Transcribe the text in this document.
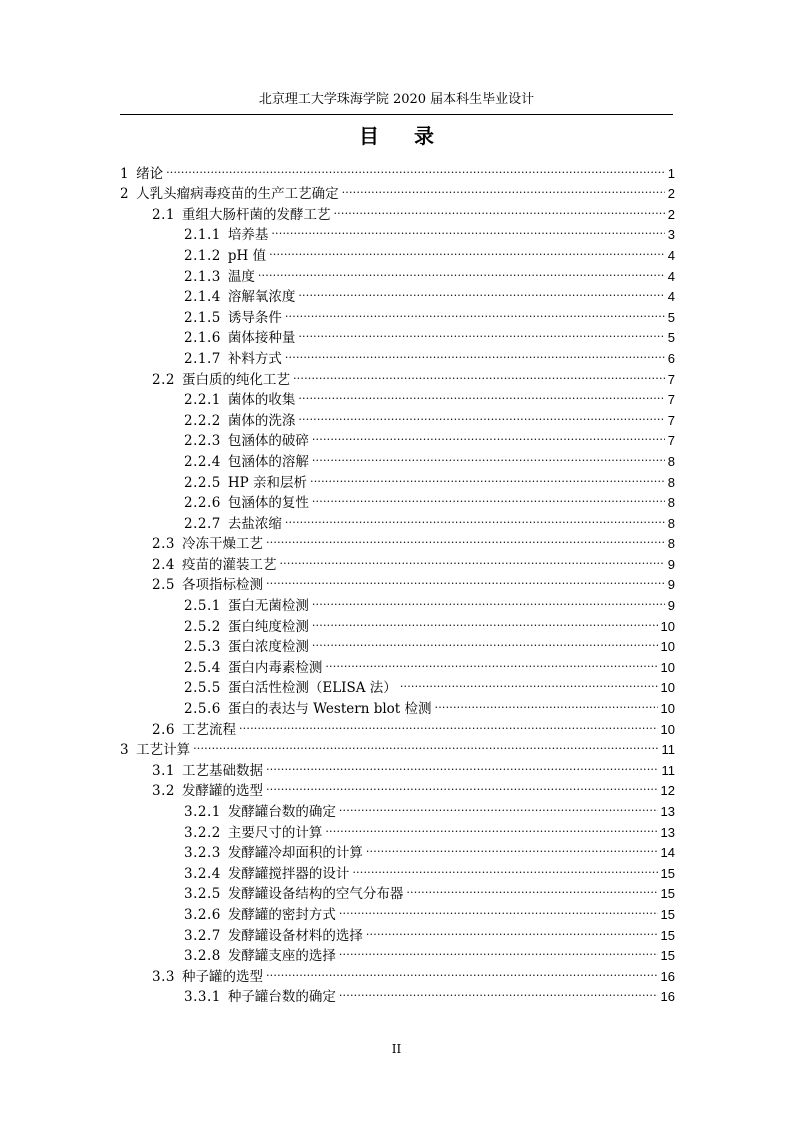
北京理工大学珠海学院 2020 届本科生毕业设计
目 录
1 绪论 .....	1
2 人乳头瘤病毒疫苗的生产工艺确定 .....	2
2.1 重组大肠杆菌的发酵工艺 .....	2
2.1.1 培养基 .....	3
2.1.2 pH 值 .....	4
2.1.3 温度 .....	4
2.1.4 溶解氧浓度 .....	4
2.1.5 诱导条件 .....	5
2.1.6 菌体接种量 .....	5
2.1.7 补料方式 .....	6
2.2 蛋白质的纯化工艺 .....	7
2.2.1 菌体的收集 .....	7
2.2.2 菌体的洗涤 .....	7
2.2.3 包涵体的破碎 .....	7
2.2.4 包涵体的溶解 .....	8
2.2.5 HP 亲和层析 .....	8
2.2.6 包涵体的复性 .....	8
2.2.7 去盐浓缩 .....	8
2.3 冷冻干燥工艺 .....	8
2.4 疫苗的灌装工艺 .....	9
2.5 各项指标检测 .....	9
2.5.1 蛋白无菌检测 .....	9
2.5.2 蛋白纯度检测 .....	10
2.5.3 蛋白浓度检测 .....	10
2.5.4 蛋白内毒素检测 .....	10
2.5.5 蛋白活性检测（ELISA 法） .....	10
2.5.6 蛋白的表达与 Western blot 检测 .....	10
2.6 工艺流程 .....	10
3 工艺计算 .....	11
3.1 工艺基础数据 .....	11
3.2 发酵罐的选型 .....	12
3.2.1 发酵罐台数的确定 .....	13
3.2.2 主要尺寸的计算 .....	13
3.2.3 发酵罐冷却面积的计算 .....	14
3.2.4 发酵罐搅拌器的设计 .....	15
3.2.5 发酵罐设备结构的空气分布器 .....	15
3.2.6 发酵罐的密封方式 .....	15
3.2.7 发酵罐设备材料的选择 .....	15
3.2.8 发酵罐支座的选择 .....	15
3.3 种子罐的选型 .....	16
3.3.1 种子罐台数的确定 .....	16
II
